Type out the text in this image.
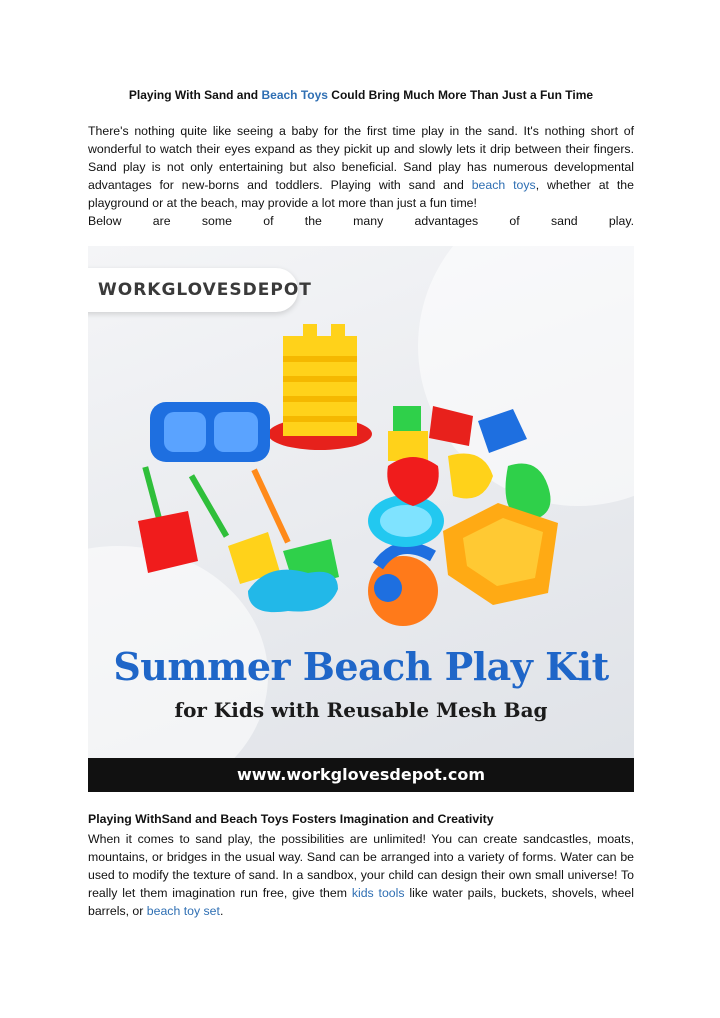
Playing With Sand and Beach Toys Could Bring Much More Than Just a Fun Time

There's nothing quite like seeing a baby for the first time play in the sand. It's nothing short of wonderful to watch their eyes expand as they pickit up and slowly lets it drip between their fingers. Sand play is not only entertaining but also beneficial. Sand play has numerous developmental advantages for new-borns and toddlers. Playing with sand and beach toys, whether at the playground or at the beach, may provide a lot more than just a fun time!
Below are some of the many advantages of sand play.

WORKGLOVESDEPOT
Summer Beach Play Kit
for Kids with Reusable Mesh Bag
www.workglovesdepot.com
Playing WithSand and Beach Toys Fosters Imagination and Creativity

When it comes to sand play, the possibilities are unlimited! You can create sandcastles, moats, mountains, or bridges in the usual way. Sand can be arranged into a variety of forms. Water can be used to modify the texture of sand. In a sandbox, your child can design their own small universe! To really let them imagination run free, give them kids tools like water pails, buckets, shovels, wheel barrels, or beach toy set.
